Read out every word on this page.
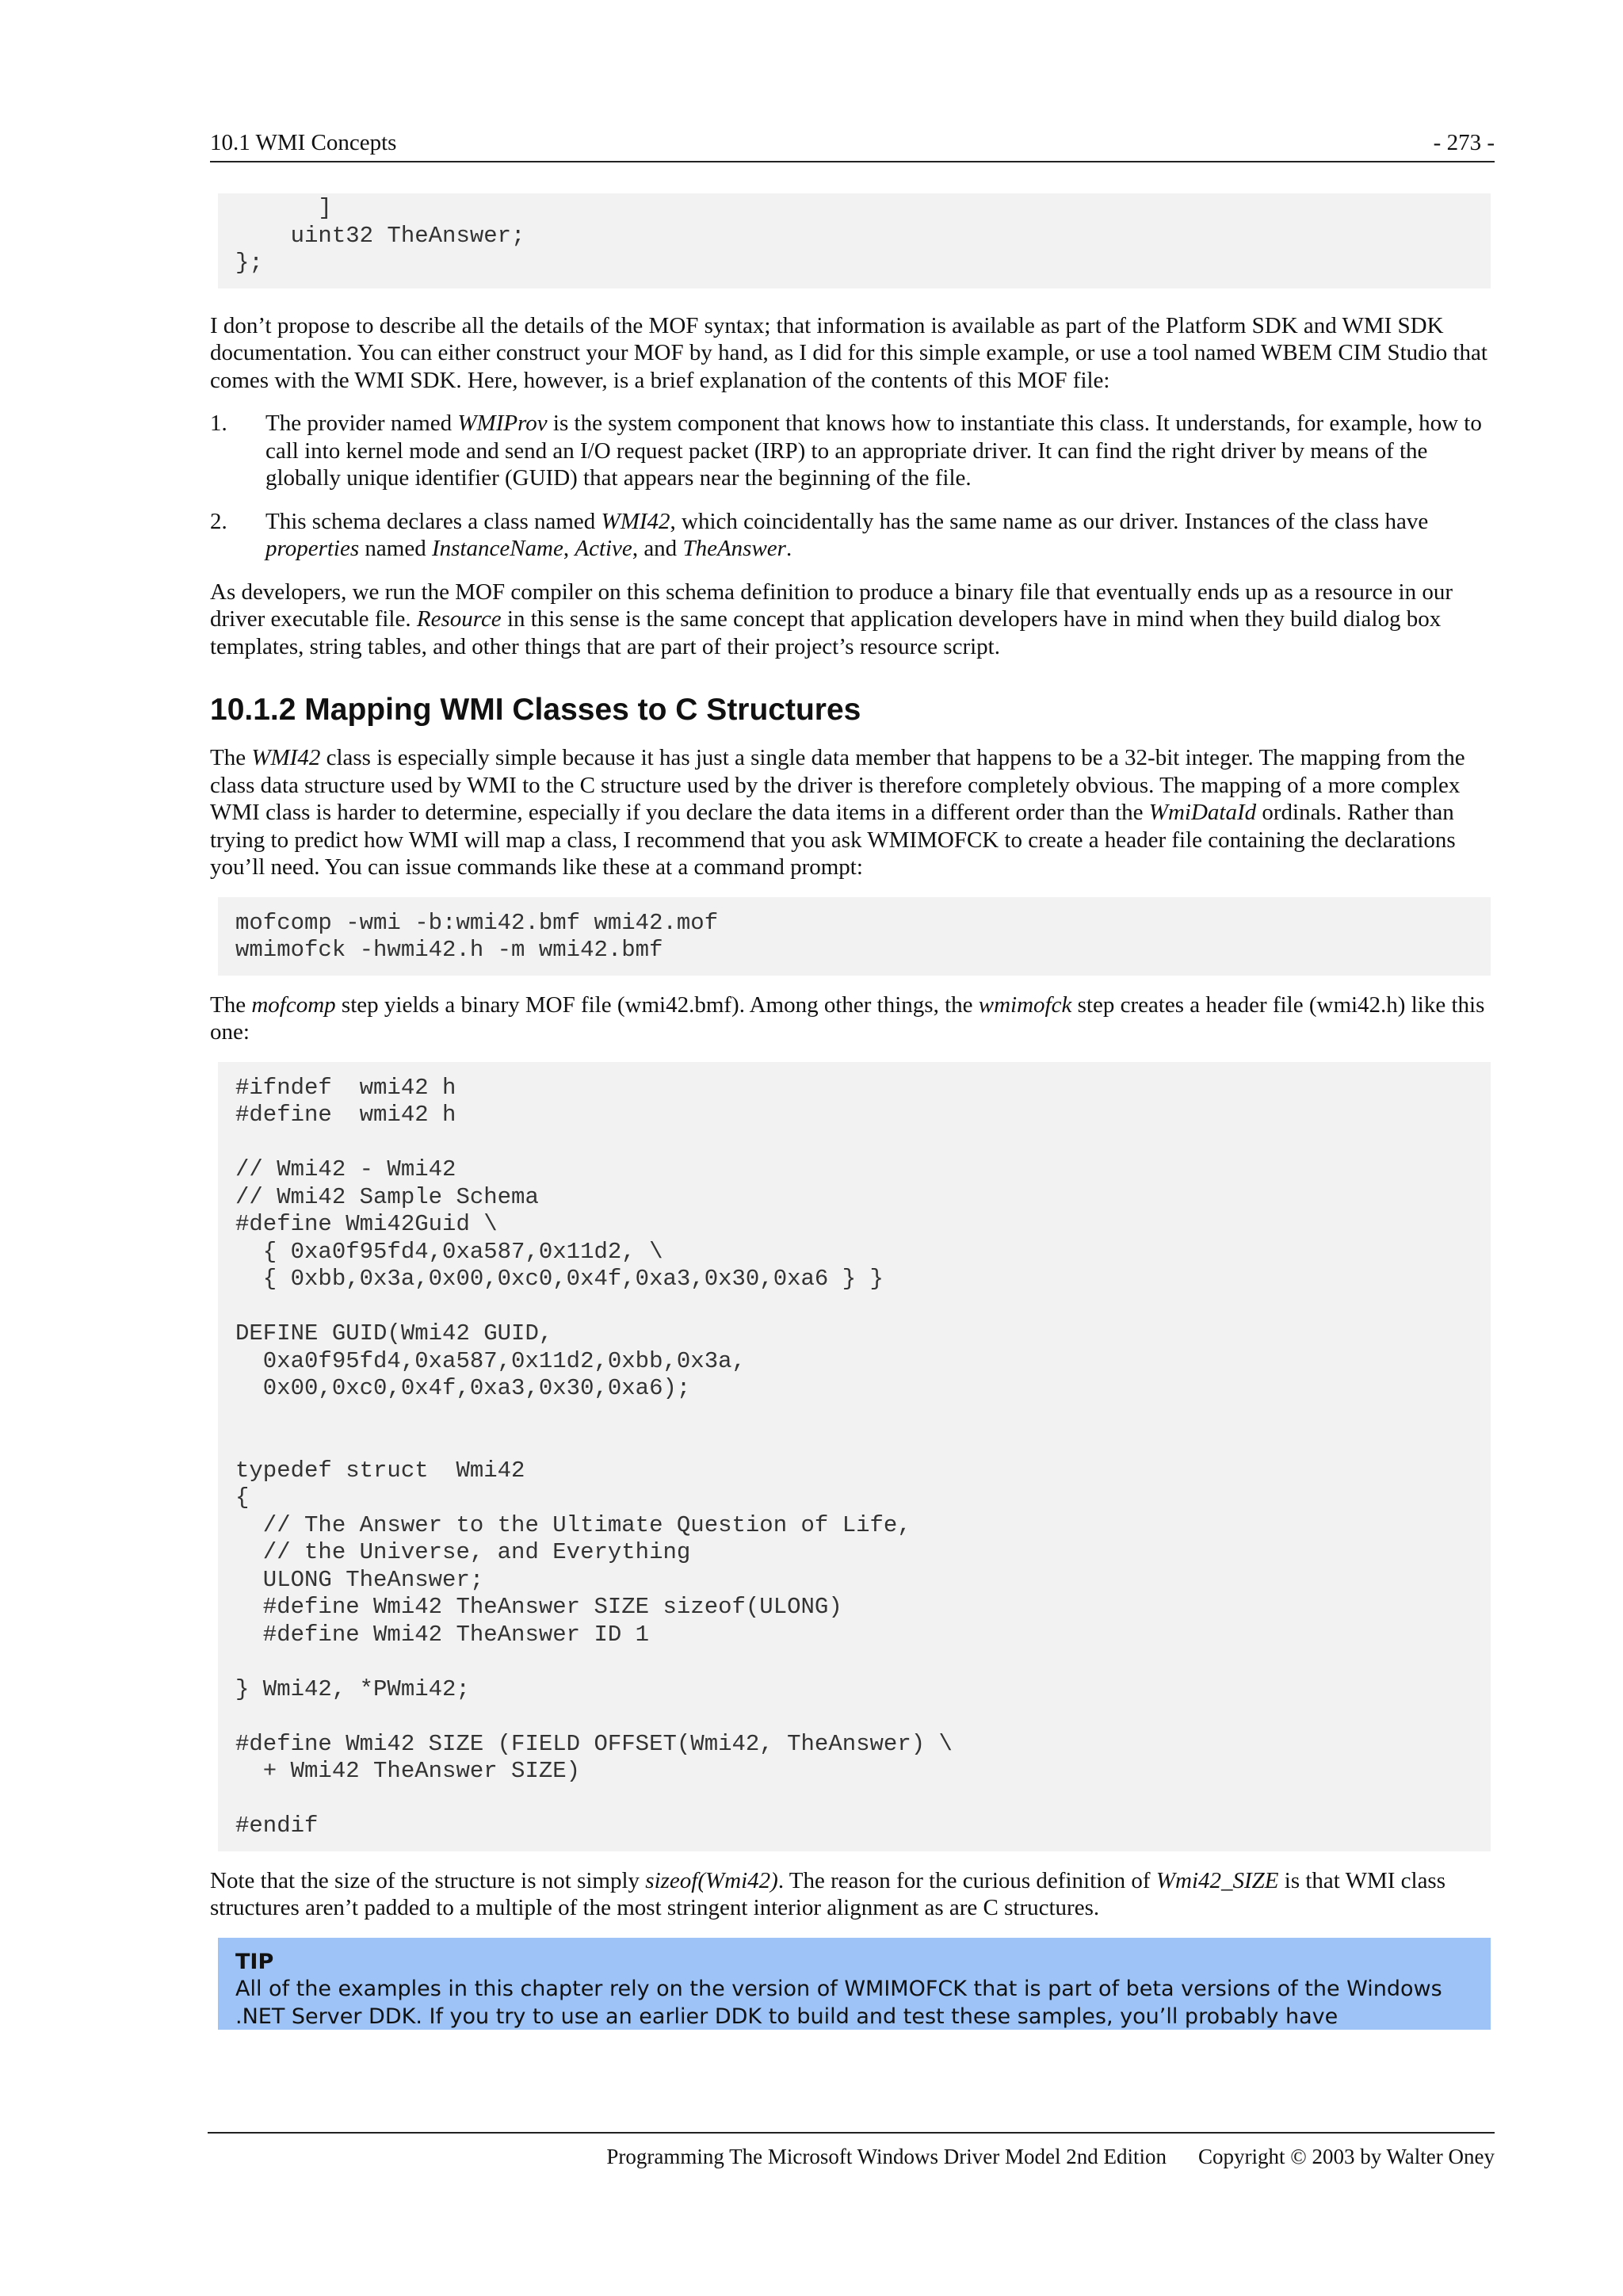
10.1 WMI Concepts	- 273 -
]
uint32 TheAnswer;
};

I don’t propose to describe all the details of the MOF syntax; that information is available as part of the Platform SDK and WMI SDK documentation. You can either construct your MOF by hand, as I did for this simple example, or use a tool named WBEM CIM Studio that comes with the WMI SDK. Here, however, is a brief explanation of the contents of this MOF file:

1. The provider named WMIProv is the system component that knows how to instantiate this class. It understands, for example, how to call into kernel mode and send an I/O request packet (IRP) to an appropriate driver. It can find the right driver by means of the globally unique identifier (GUID) that appears near the beginning of the file.
2. This schema declares a class named WMI42, which coincidentally has the same name as our driver. Instances of the class have properties named InstanceName, Active, and TheAnswer.

As developers, we run the MOF compiler on this schema definition to produce a binary file that eventually ends up as a resource in our driver executable file. Resource in this sense is the same concept that application developers have in mind when they build dialog box templates, string tables, and other things that are part of their project’s resource script.

10.1.2 Mapping WMI Classes to C Structures

The WMI42 class is especially simple because it has just a single data member that happens to be a 32-bit integer. The mapping from the class data structure used by WMI to the C structure used by the driver is therefore completely obvious. The mapping of a more complex WMI class is harder to determine, especially if you declare the data items in a different order than the WmiDataId ordinals. Rather than trying to predict how WMI will map a class, I recommend that you ask WMIMOFCK to create a header file containing the declarations you’ll need. You can issue commands like these at a command prompt:

mofcomp -wmi -b:wmi42.bmf wmi42.mof
wmimofck -hwmi42.h -m wmi42.bmf

The mofcomp step yields a binary MOF file (wmi42.bmf). Among other things, the wmimofck step creates a header file (wmi42.h) like this one:

#ifndef  wmi42 h
#define  wmi42 h

// Wmi42 - Wmi42
// Wmi42 Sample Schema
#define Wmi42Guid \
{ 0xa0f95fd4,0xa587,0x11d2, \
{ 0xbb,0x3a,0x00,0xc0,0x4f,0xa3,0x30,0xa6 } }

DEFINE GUID(Wmi42 GUID,
0xa0f95fd4,0xa587,0x11d2,0xbb,0x3a,
0x00,0xc0,0x4f,0xa3,0x30,0xa6);

typedef struct  Wmi42
{
// The Answer to the Ultimate Question of Life,
// the Universe, and Everything
ULONG TheAnswer;
#define Wmi42 TheAnswer SIZE sizeof(ULONG)
#define Wmi42 TheAnswer ID 1

} Wmi42, *PWmi42;

#define Wmi42 SIZE (FIELD OFFSET(Wmi42, TheAnswer) \
+ Wmi42 TheAnswer SIZE)

#endif

Note that the size of the structure is not simply sizeof(Wmi42). The reason for the curious definition of Wmi42_SIZE is that WMI class structures aren’t padded to a multiple of the most stringent interior alignment as are C structures.

TIP
All of the examples in this chapter rely on the version of WMIMOFCK that is part of beta versions of the Windows .NET Server DDK. If you try to use an earlier DDK to build and test these samples, you’ll probably have
Programming The Microsoft Windows Driver Model 2nd Edition Copyright © 2003 by Walter Oney
